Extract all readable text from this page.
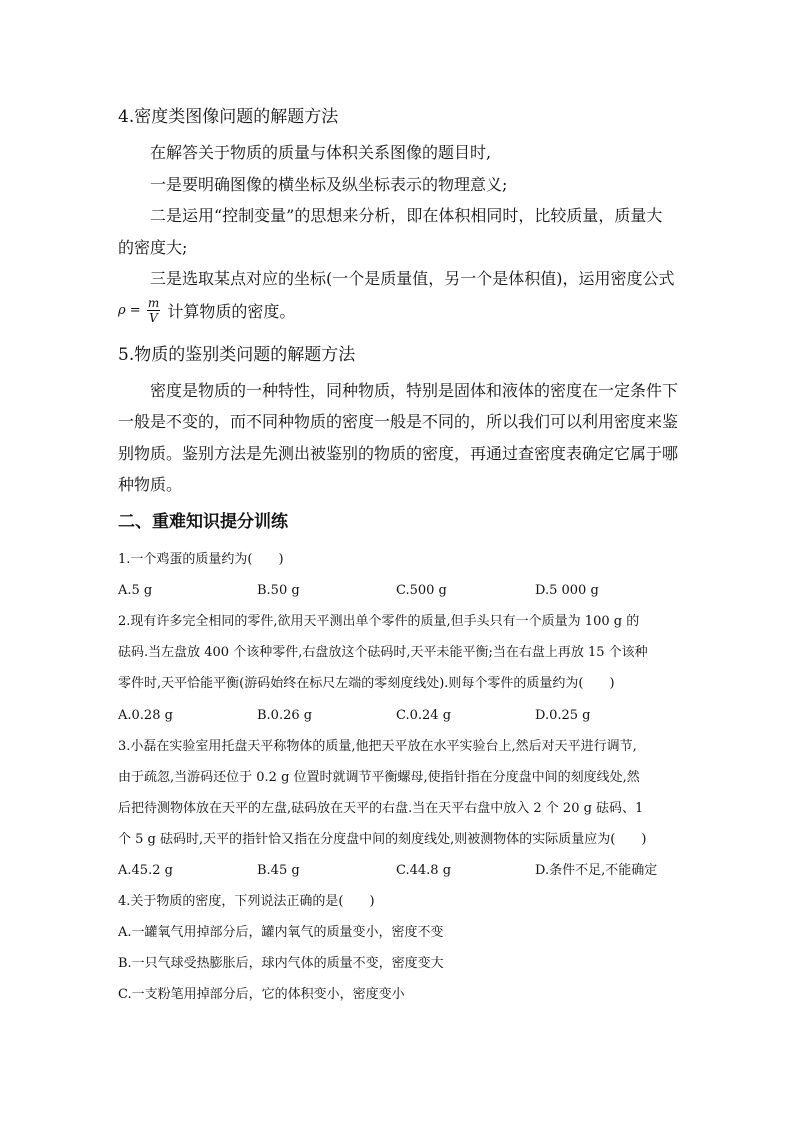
4.密度类图像问题的解题方法
在解答关于物质的质量与体积关系图像的题目时,
一是要明确图像的横坐标及纵坐标表示的物理意义;
二是运用“控制变量”的思想来分析，即在体积相同时，比较质量，质量大
的密度大;
三是选取某点对应的坐标(一个是质量值，另一个是体积值)，运用密度公式
$\rho = \frac{m}{V}$ 计算物质的密度。
5.物质的鉴别类问题的解题方法
密度是物质的一种特性，同种物质，特别是固体和液体的密度在一定条件下
一般是不变的，而不同种物质的密度一般是不同的，所以我们可以利用密度来鉴
别物质。鉴别方法是先测出被鉴别的物质的密度，再通过查密度表确定它属于哪
种物质。
二、重难知识提分训练
1.一个鸡蛋的质量约为(　　)
A.5 g	B.50 g	C.500 g	D.5 000 g
2.现有许多完全相同的零件,欲用天平测出单个零件的质量,但手头只有一个质量为 100 g 的
砝码.当左盘放 400 个该种零件,右盘放这个砝码时,天平未能平衡;当在右盘上再放 15 个该种
零件时,天平恰能平衡(游码始终在标尺左端的零刻度线处).则每个零件的质量约为(　　)
A.0.28 g	B.0.26 g	C.0.24 g	D.0.25 g
3.小磊在实验室用托盘天平称物体的质量,他把天平放在水平实验台上,然后对天平进行调节,
由于疏忽,当游码还位于 0.2 g 位置时就调节平衡螺母,使指针指在分度盘中间的刻度线处,然
后把待测物体放在天平的左盘,砝码放在天平的右盘.当在天平右盘中放入 2 个 20 g 砝码、1
个 5 g 砝码时,天平的指针恰又指在分度盘中间的刻度线处,则被测物体的实际质量应为(　　)
A.45.2 g	B.45 g	C.44.8 g	D.条件不足,不能确定
4.关于物质的密度，下列说法正确的是(　　)
A.一罐氧气用掉部分后，罐内氧气的质量变小，密度不变
B.一只气球受热膨胀后，球内气体的质量不变，密度变大
C.一支粉笔用掉部分后，它的体积变小，密度变小
